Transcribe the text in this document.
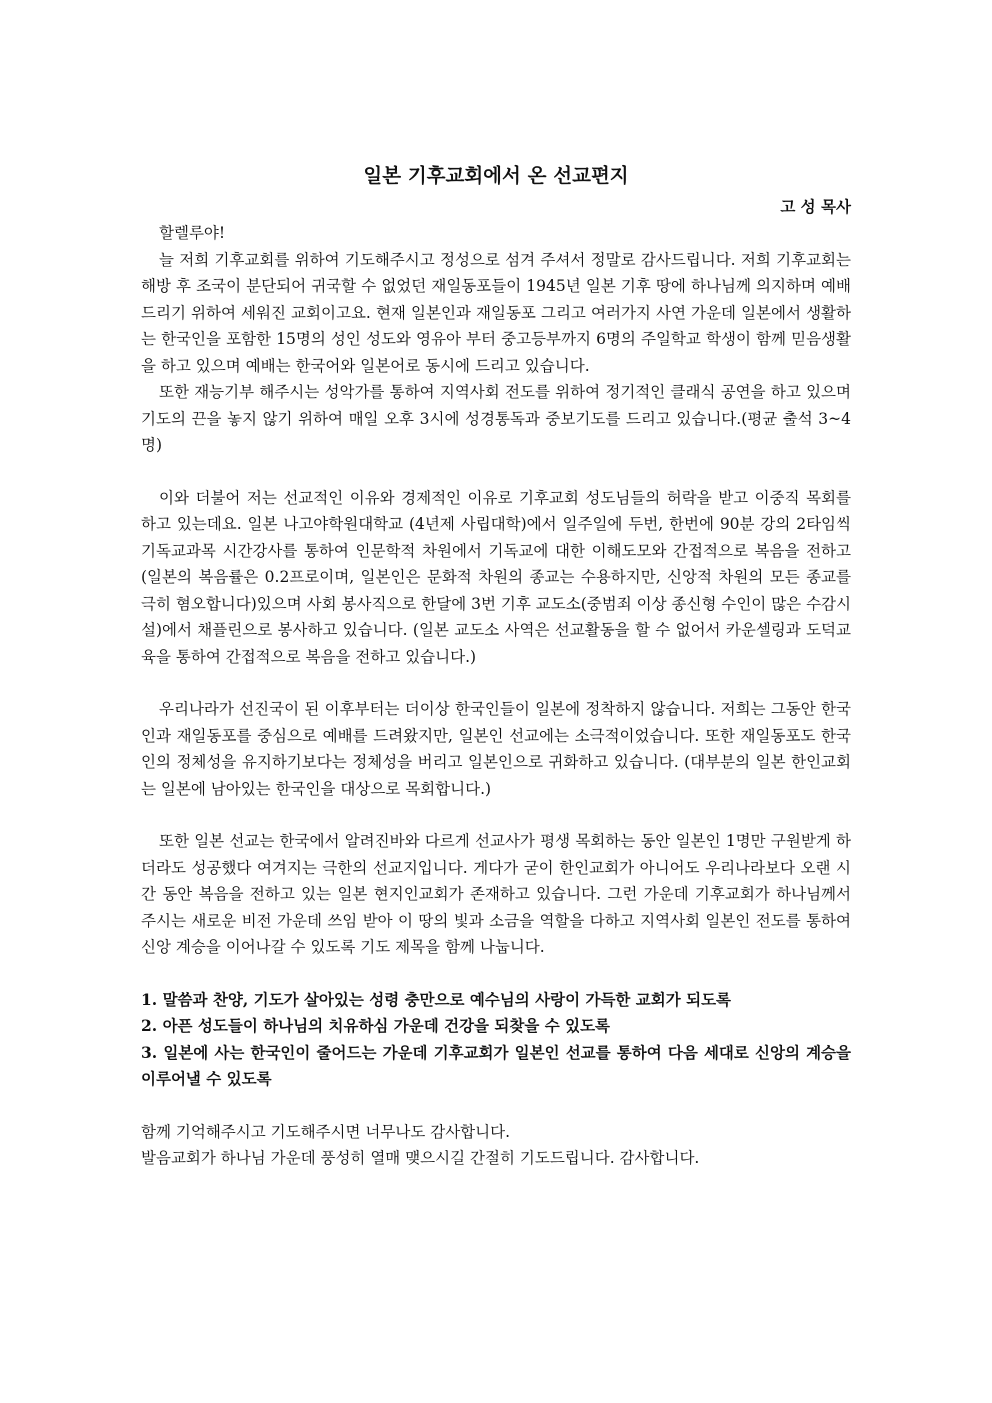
일본 기후교회에서 온 선교편지

고 성 목사

할렐루야!

늘 저희 기후교회를 위하여 기도해주시고 정성으로 섬겨 주셔서 정말로 감사드립니다. 저희 기후교회는 해방 후 조국이 분단되어 귀국할 수 없었던 재일동포들이 1945년 일본 기후 땅에 하나님께 의지하며 예배드리기 위하여 세워진 교회이고요. 현재 일본인과 재일동포 그리고 여러가지 사연 가운데 일본에서 생활하는 한국인을 포함한 15명의 성인 성도와 영유아 부터 중고등부까지 6명의 주일학교 학생이 함께 믿음생활을 하고 있으며 예배는 한국어와 일본어로 동시에 드리고 있습니다.

또한 재능기부 해주시는 성악가를 통하여 지역사회 전도를 위하여 정기적인 클래식 공연을 하고 있으며 기도의 끈을 놓지 않기 위하여 매일 오후 3시에 성경통독과 중보기도를 드리고 있습니다.(평균 출석 3~4명)

이와 더불어 저는 선교적인 이유와 경제적인 이유로 기후교회 성도님들의 허락을 받고 이중직 목회를 하고 있는데요. 일본 나고야학원대학교 (4년제 사립대학)에서 일주일에 두번, 한번에 90분 강의 2타임씩 기독교과목 시간강사를 통하여 인문학적 차원에서 기독교에 대한 이해도모와 간접적으로 복음을 전하고(일본의 복음률은 0.2프로이며, 일본인은 문화적 차원의 종교는 수용하지만, 신앙적 차원의 모든 종교를 극히 혐오합니다)있으며 사회 봉사직으로 한달에 3번 기후 교도소(중범죄 이상 종신형 수인이 많은 수감시설)에서 채플린으로 봉사하고 있습니다. (일본 교도소 사역은 선교활동을 할 수 없어서 카운셀링과 도덕교육을 통하여 간접적으로 복음을 전하고 있습니다.)

우리나라가 선진국이 된 이후부터는 더이상 한국인들이 일본에 정착하지 않습니다. 저희는 그동안 한국인과 재일동포를 중심으로 예배를 드려왔지만, 일본인 선교에는 소극적이었습니다. 또한 재일동포도 한국인의 정체성을 유지하기보다는 정체성을 버리고 일본인으로 귀화하고 있습니다. (대부분의 일본 한인교회는 일본에 남아있는 한국인을 대상으로 목회합니다.)

또한 일본 선교는 한국에서 알려진바와 다르게 선교사가 평생 목회하는 동안 일본인 1명만 구원받게 하더라도 성공했다 여겨지는 극한의 선교지입니다. 게다가 굳이 한인교회가 아니어도 우리나라보다 오랜 시간 동안 복음을 전하고 있는 일본 현지인교회가 존재하고 있습니다. 그런 가운데 기후교회가 하나님께서 주시는 새로운 비전 가운데 쓰임 받아 이 땅의 빛과 소금을 역할을 다하고 지역사회 일본인 전도를 통하여 신앙 계승을 이어나갈 수 있도록 기도 제목을 함께 나눕니다.

1. 말씀과 찬양, 기도가 살아있는 성령 충만으로 예수님의 사랑이 가득한 교회가 되도록
2. 아픈 성도들이 하나님의 치유하심 가운데 건강을 되찾을 수 있도록
3. 일본에 사는 한국인이 줄어드는 가운데 기후교회가 일본인 선교를 통하여 다음 세대로 신앙의 계승을 이루어낼 수 있도록

함께 기억해주시고 기도해주시면 너무나도 감사합니다.

발음교회가 하나님 가운데 풍성히 열매 맺으시길 간절히 기도드립니다. 감사합니다.
